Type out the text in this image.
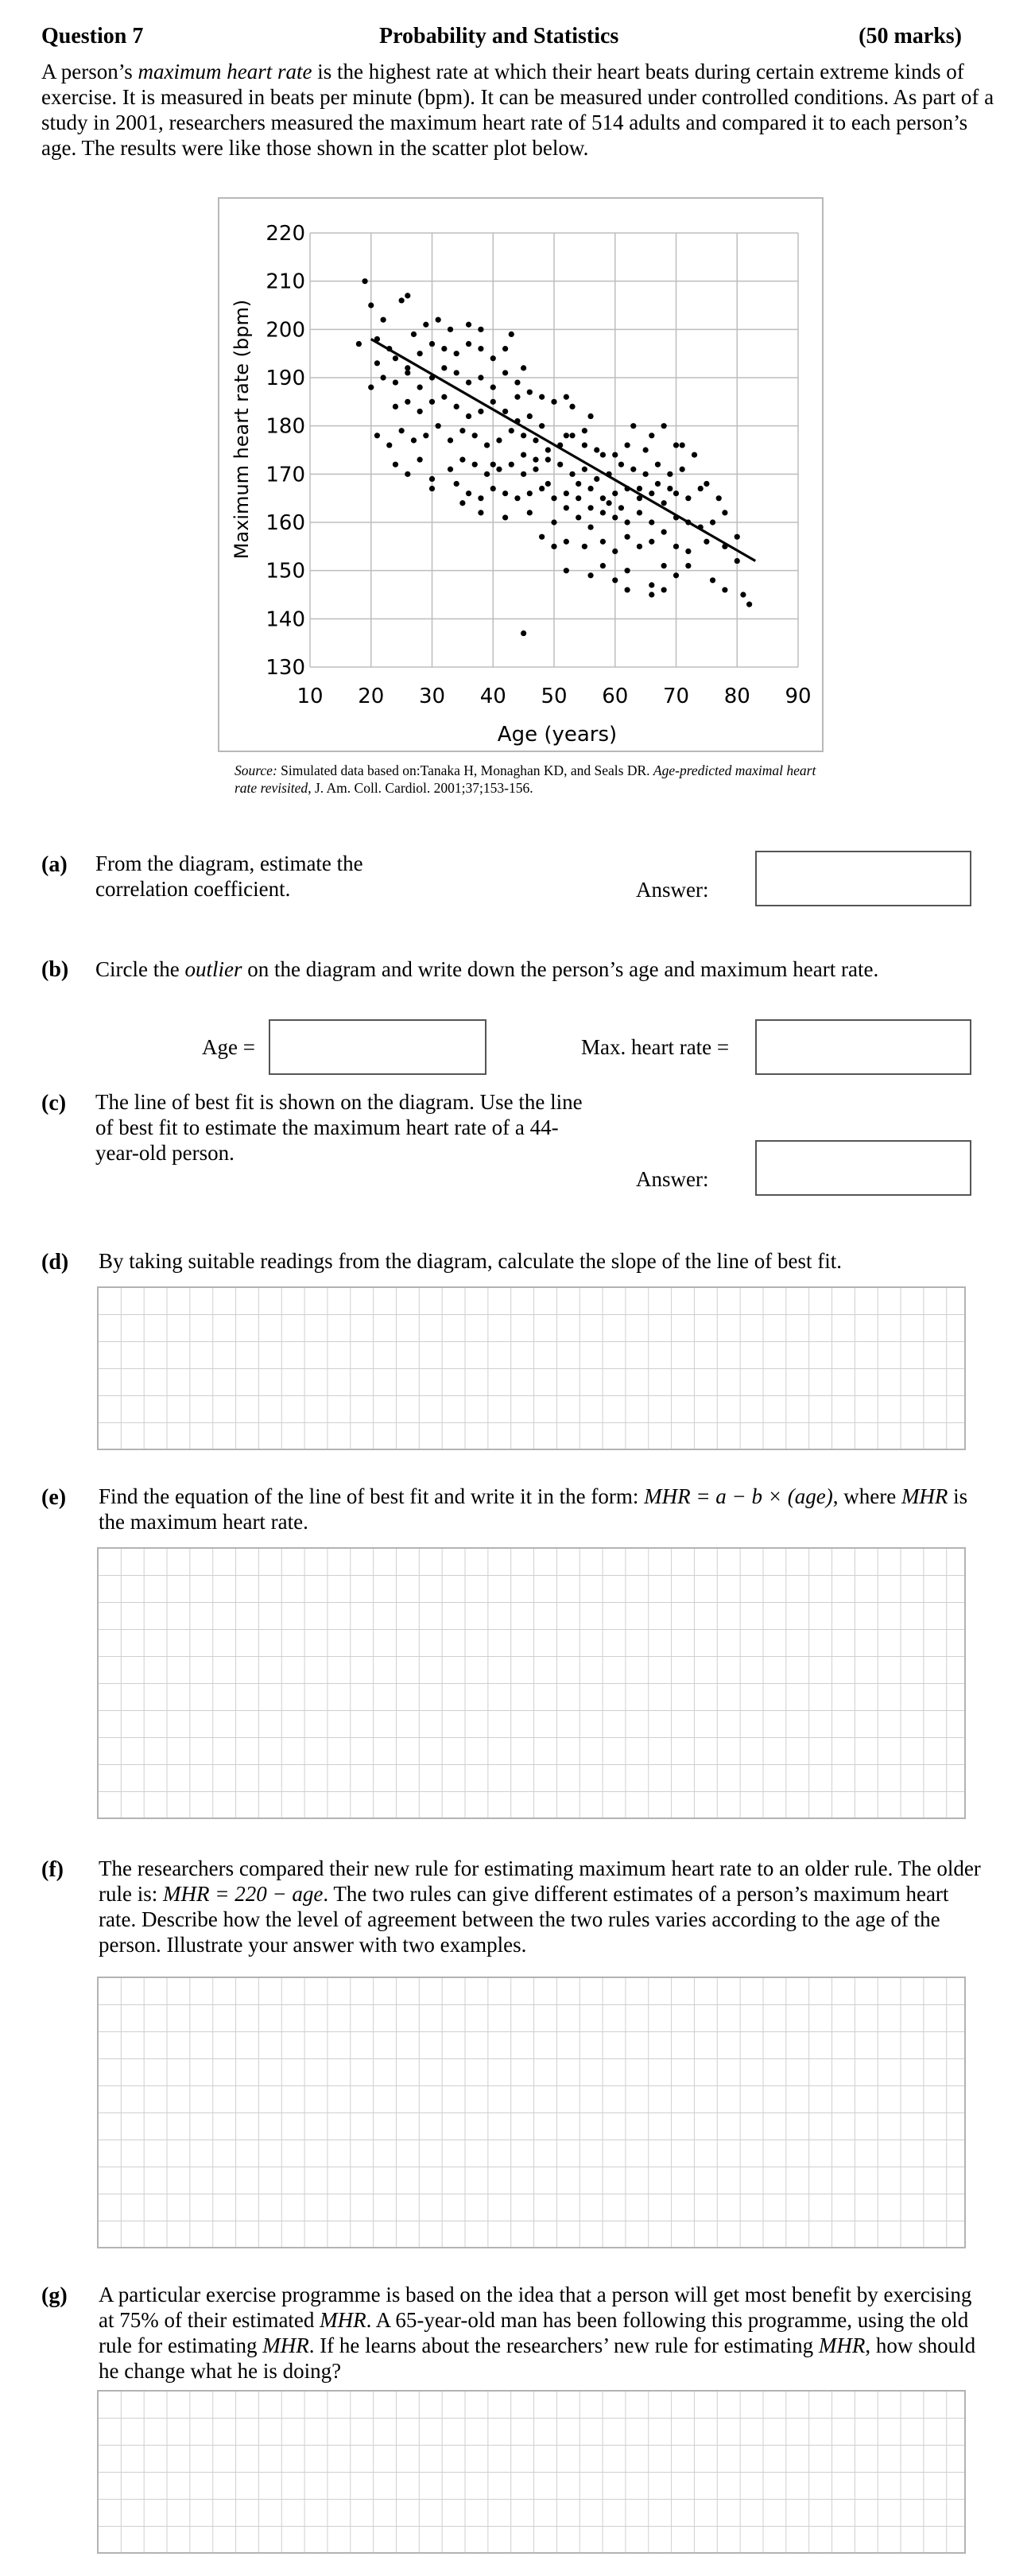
Question 7	Probability and Statistics	(50 marks)
A person’s maximum heart rate is the highest rate at which their heart beats during certain extreme kinds of exercise. It is measured in beats per minute (bpm). It can be measured under controlled conditions. As part of a study in 2001, researchers measured the maximum heart rate of 514 adults and compared it to each person’s age. The results were like those shown in the scatter plot below.
10 20 30 40 50 60 70 80 90
130
140
150
160
170
180
190
200
210
220
Age (years)
Maximum heart rate (bpm)
Source: Simulated data based on:Tanaka H, Monaghan KD, and Seals DR. Age-predicted maximal heart rate revisited, J. Am. Coll. Cardiol. 2001;37;153-156.
(a) From the diagram, estimate the correlation coefficient.	Answer:
(b) Circle the outlier on the diagram and write down the person’s age and maximum heart rate.
Age =	Max. heart rate =
(c) The line of best fit is shown on the diagram. Use the line of best fit to estimate the maximum heart rate of a 44-year-old person.
Answer:
(d) By taking suitable readings from the diagram, calculate the slope of the line of best fit.
(e) Find the equation of the line of best fit and write it in the form: MHR = a − b × (age), where MHR is the maximum heart rate.
(f) The researchers compared their new rule for estimating maximum heart rate to an older rule. The older rule is: MHR = 220 − age. The two rules can give different estimates of a person’s maximum heart rate. Describe how the level of agreement between the two rules varies according to the age of the person. Illustrate your answer with two examples.
(g) A particular exercise programme is based on the idea that a person will get most benefit by exercising at 75% of their estimated MHR. A 65-year-old man has been following this programme, using the old rule for estimating MHR. If he learns about the researchers’ new rule for estimating MHR, how should he change what he is doing?
